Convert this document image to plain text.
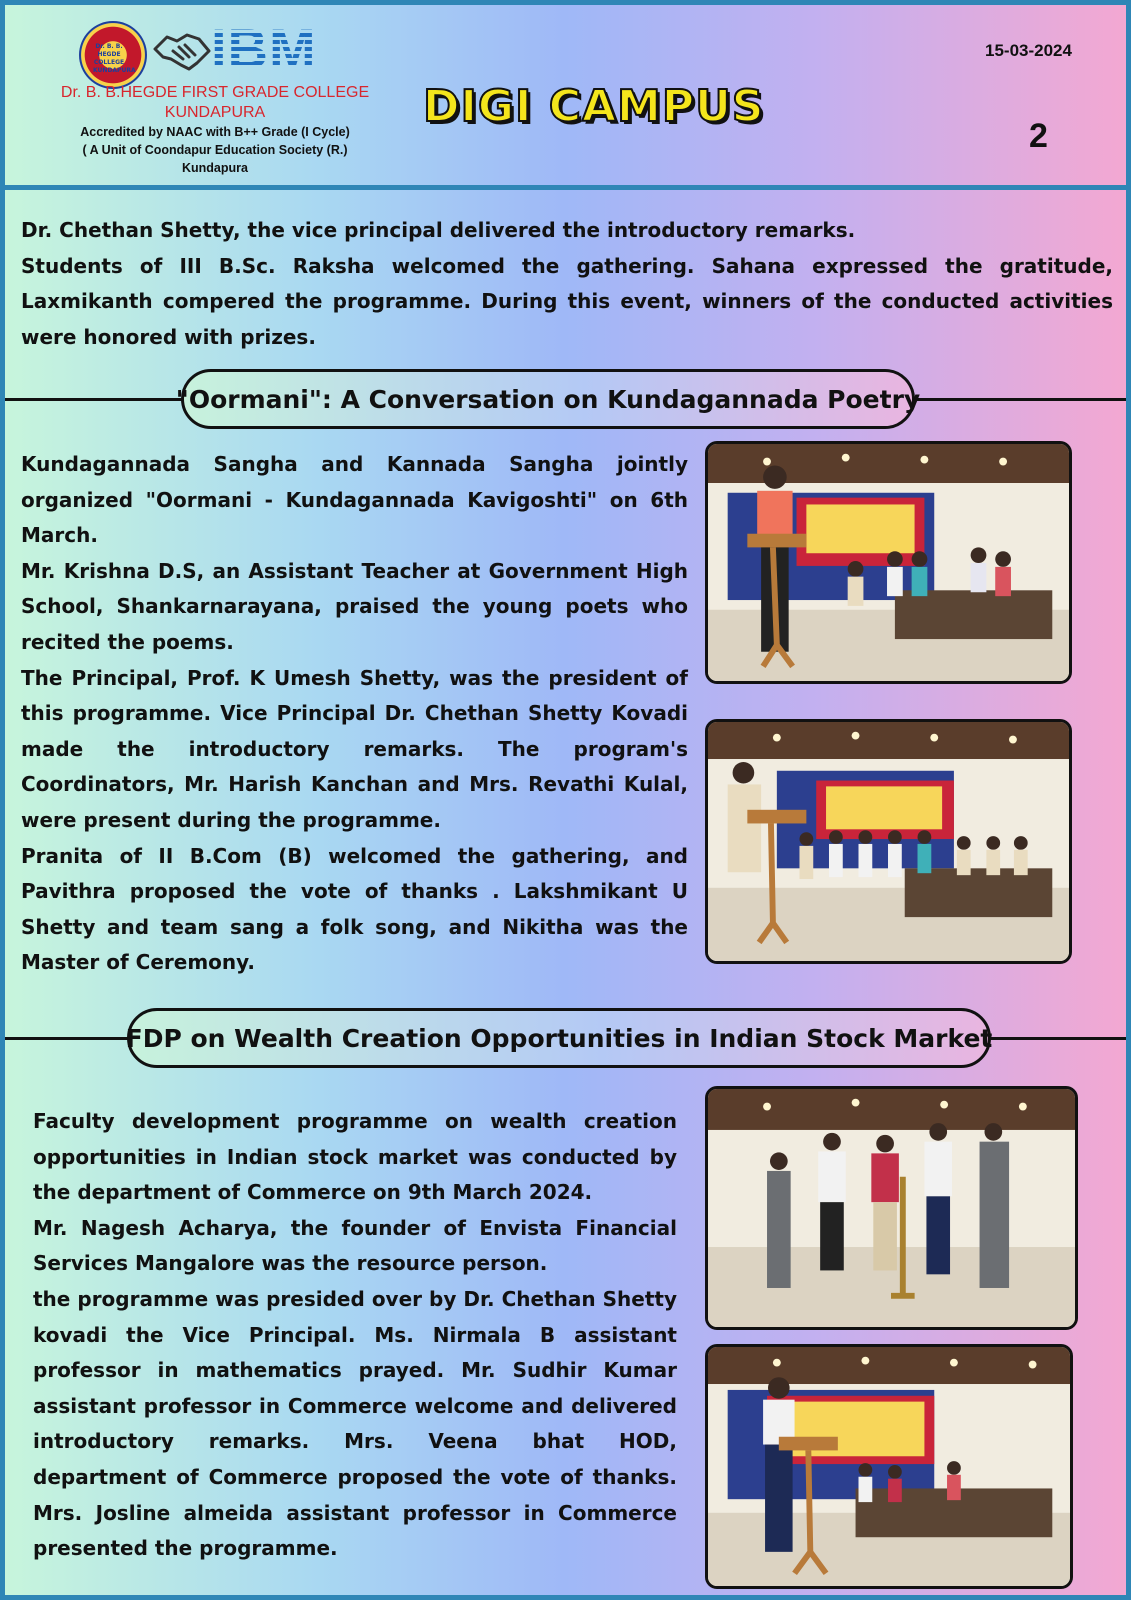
Dr. B. B. HEGDE COLLEGE KUNDAPURA IBM
Dr. B. B.HEGDE FIRST GRADE COLLEGE
KUNDAPURA
Accredited by NAAC with B++ Grade (I Cycle)
( A Unit of Coondapur Education Society (R.)
Kundapura
DIGI CAMPUS
15-03-2024
2

Dr. Chethan Shetty, the vice principal delivered the introductory remarks.

Students of III B.Sc. Raksha welcomed the gathering. Sahana expressed the gratitude, Laxmikanth compered the programme. During this event, winners of the conducted activities were honored with prizes.

"Oormani": A Conversation on Kundagannada Poetry

Kundagannada Sangha and Kannada Sangha jointly organized "Oormani - Kundagannada Kavigoshti" on 6th March.

Mr. Krishna D.S, an Assistant Teacher at Government High School, Shankarnarayana, praised the young poets who recited the poems.

The Principal, Prof. K Umesh Shetty, was the president of this programme. Vice Principal Dr. Chethan Shetty Kovadi made the introductory remarks. The program's Coordinators, Mr. Harish Kanchan and Mrs. Revathi Kulal, were present during the programme.

Pranita of II B.Com (B) welcomed the gathering, and Pavithra proposed the vote of thanks . Lakshmikant U Shetty and team sang a folk song, and Nikitha was the Master of Ceremony.

FDP on Wealth Creation Opportunities in Indian Stock Market

Faculty development programme on wealth creation opportunities in Indian stock market was conducted by the department of Commerce on 9th March 2024.

Mr. Nagesh Acharya, the founder of Envista Financial Services Mangalore was the resource person.

the programme was presided over by Dr. Chethan Shetty kovadi the Vice Principal. Ms. Nirmala B assistant professor in mathematics prayed. Mr. Sudhir Kumar assistant professor in Commerce welcome and delivered introductory remarks. Mrs. Veena bhat HOD, department of Commerce proposed the vote of thanks. Mrs. Josline almeida assistant professor in Commerce presented the programme.
